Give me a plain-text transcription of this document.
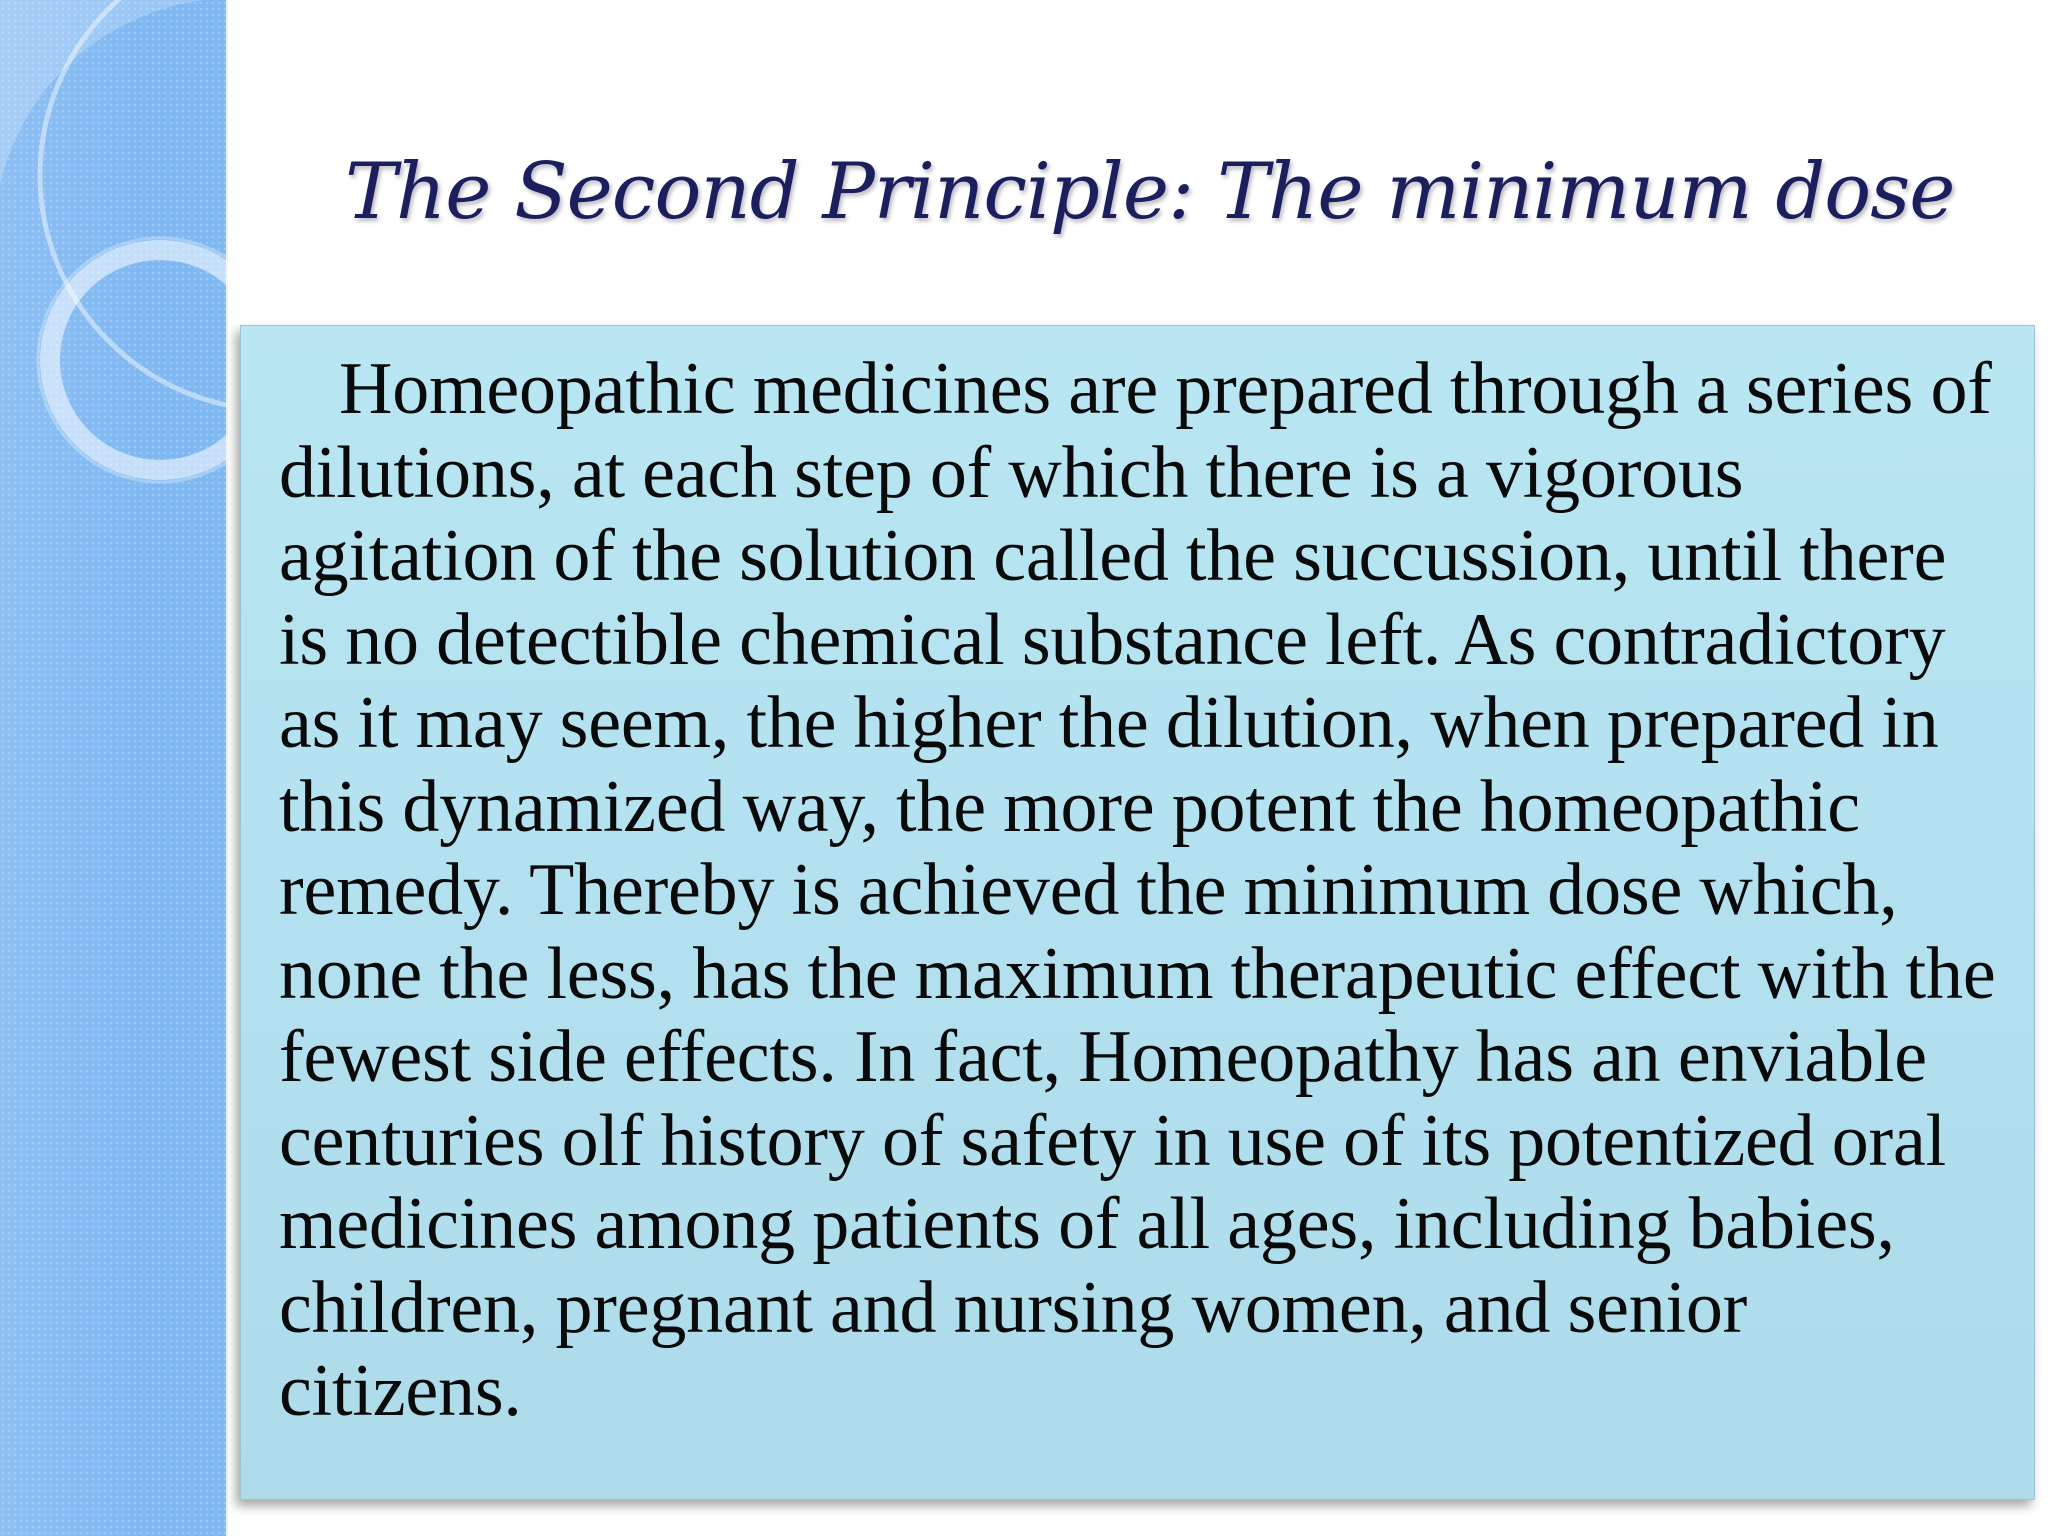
The Second Principle: The minimum dose

Homeopathic medicines are prepared through a series of dilutions, at each step of which there is a vigorous agitation of the solution called the succussion, until there is no detectible chemical substance left. As contradictory as it may seem, the higher the dilution, when prepared in this dynamized way, the more potent the homeopathic remedy. Thereby is achieved the minimum dose which, none the less, has the maximum therapeutic effect with the fewest side effects. In fact, Homeopathy has an enviable centuries olf history of safety in use of its potentized oral medicines among patients of all ages, including babies, children, pregnant and nursing women, and senior citizens.
